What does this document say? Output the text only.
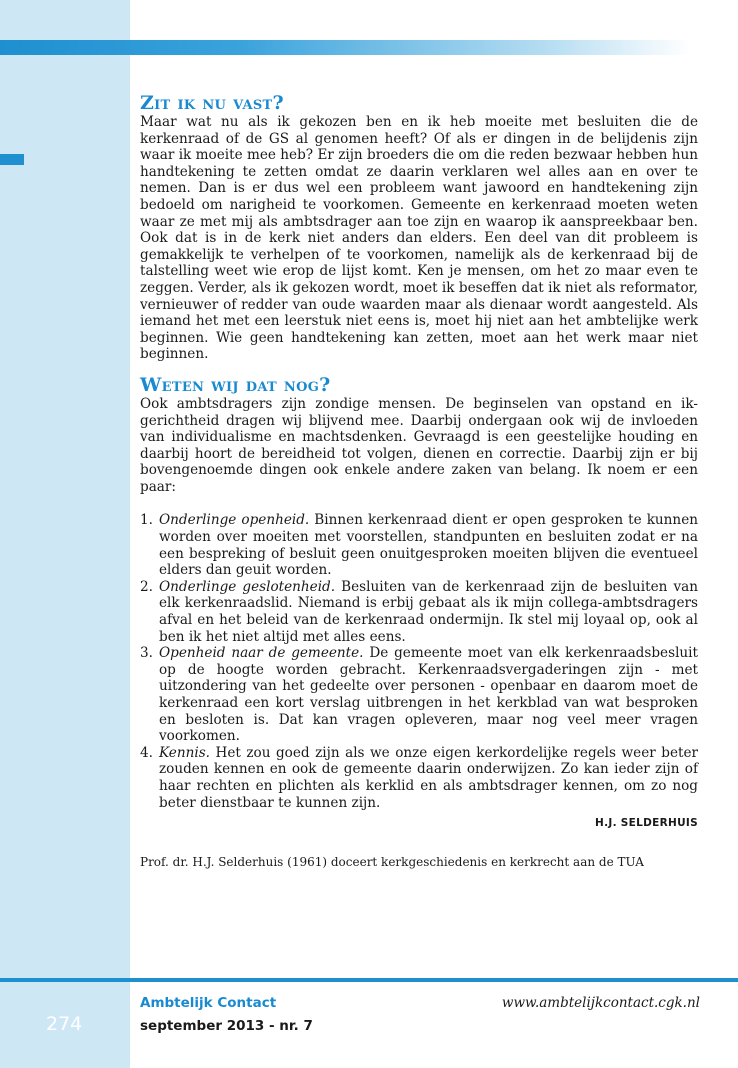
Zit ik nu vast?

Maar wat nu als ik gekozen ben en ik heb moeite met besluiten die de kerkenraad of de GS al genomen heeft? Of als er dingen in de belijdenis zijn waar ik moeite mee heb? Er zijn broeders die om die reden bezwaar hebben hun handtekening te zetten omdat ze daarin verklaren wel alles aan en over te nemen. Dan is er dus wel een probleem want jawoord en handtekening zijn bedoeld om narigheid te voorkomen. Gemeente en kerkenraad moeten weten waar ze met mij als ambtsdrager aan toe zijn en waarop ik aanspreekbaar ben. Ook dat is in de kerk niet anders dan elders. Een deel van dit probleem is gemakkelijk te verhelpen of te voorkomen, namelijk als de kerkenraad bij de talstelling weet wie erop de lijst komt. Ken je mensen, om het zo maar even te zeggen. Verder, als ik gekozen wordt, moet ik beseffen dat ik niet als reformator, vernieuwer of redder van oude waarden maar als dienaar wordt aangesteld. Als iemand het met een leerstuk niet eens is, moet hij niet aan het ambtelijke werk beginnen. Wie geen handtekening kan zetten, moet aan het werk maar niet beginnen.

Weten wij dat nog?

Ook ambtsdragers zijn zondige mensen. De beginselen van opstand en ik-gerichtheid dragen wij blijvend mee. Daarbij ondergaan ook wij de invloeden van individualisme en machtsdenken. Gevraagd is een geestelijke houding en daarbij hoort de bereidheid tot volgen, dienen en correctie. Daarbij zijn er bij bovengenoemde dingen ook enkele andere zaken van belang. Ik noem er een paar:

1. Onderlinge openheid. Binnen kerkenraad dient er open gesproken te kunnen worden over moeiten met voorstellen, standpunten en besluiten zodat er na een bespreking of besluit geen onuitgesproken moeiten blijven die eventueel elders dan geuit worden.
2. Onderlinge geslotenheid. Besluiten van de kerkenraad zijn de besluiten van elk kerkenraadslid. Niemand is erbij gebaat als ik mijn collega-ambtsdragers afval en het beleid van de kerkenraad ondermijn. Ik stel mij loyaal op, ook al ben ik het niet altijd met alles eens.
3. Openheid naar de gemeente. De gemeente moet van elk kerkenraadsbesluit op de hoogte worden gebracht. Kerkenraadsvergaderingen zijn - met uitzondering van het gedeelte over personen - openbaar en daarom moet de kerkenraad een kort verslag uitbrengen in het kerkblad van wat besproken en besloten is. Dat kan vragen opleveren, maar nog veel meer vragen voorkomen.
4. Kennis. Het zou goed zijn als we onze eigen kerkordelijke regels weer beter zouden kennen en ook de gemeente daarin onderwijzen. Zo kan ieder zijn of haar rechten en plichten als kerklid en als ambtsdrager kennen, om zo nog beter dienstbaar te kunnen zijn.
H.J. SELDERHUIS
Prof. dr. H.J. Selderhuis (1961) doceert kerkgeschiedenis en kerkrecht aan de TUA
274
Ambtelijk Contact
september 2013 - nr. 7
www.ambtelijkcontact.cgk.nl
